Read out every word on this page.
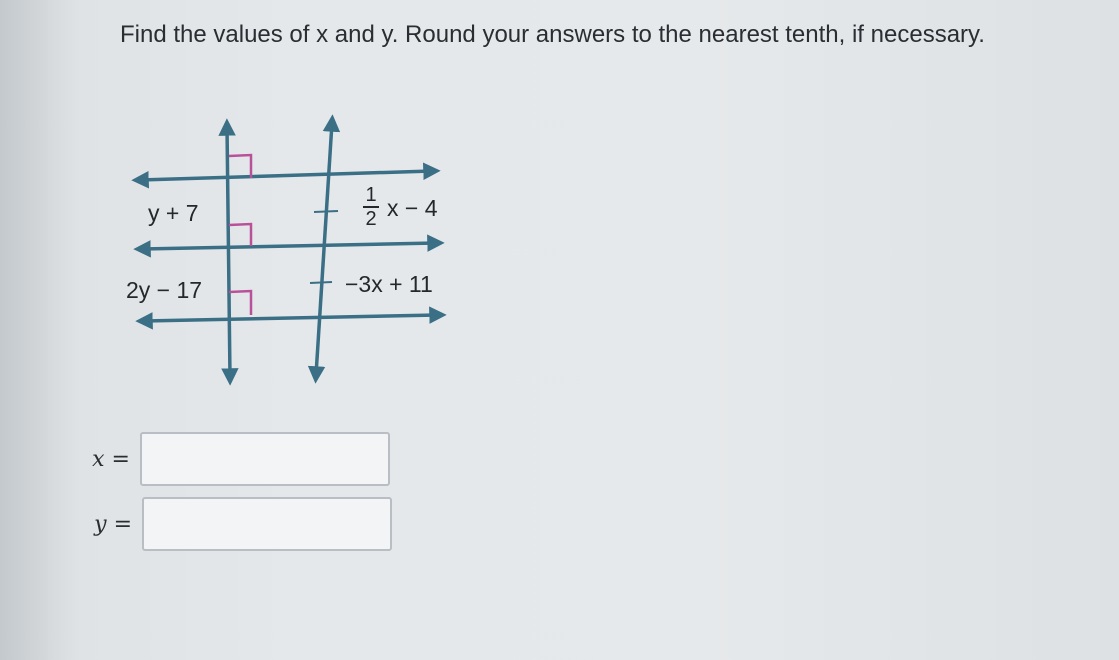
Find the values of x and y. Round your answers to the nearest tenth, if necessary.
y + 7
2y − 17
1
2 x − 4
−3x + 11
x =
y =
